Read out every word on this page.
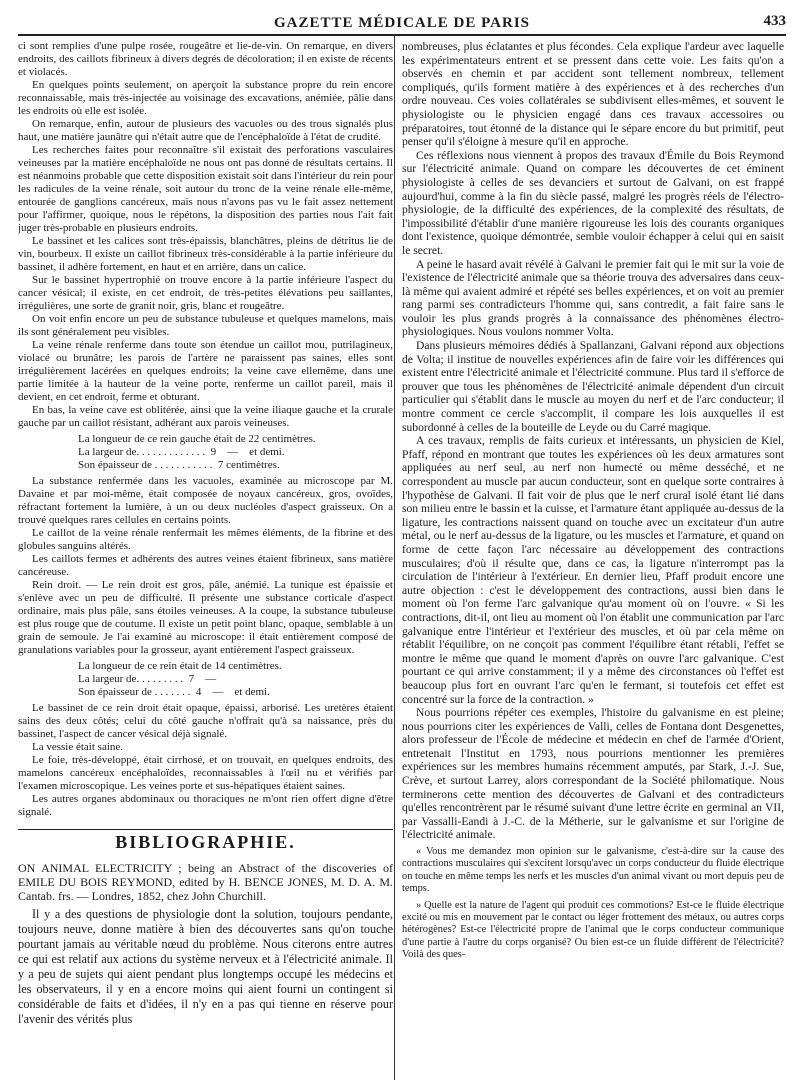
GAZETTE MÉDICALE DE PARIS	433

ci sont remplies d'une pulpe rosée, rougeâtre et lie-de-vin. On remarque, en divers endroits, des caillots fibrineux à divers degrés de décoloration; il en existe de récents et violacés.

En quelques points seulement, on aperçoit la substance propre du rein encore reconnaissable, mais très-injectée au voisinage des excavations, anémiée, pâlie dans les endroits où elle est isolée.

On remarque, enfin, autour de plusieurs des vacuoles ou des trous signalés plus haut, une matière jaunâtre qui n'était autre que de l'encéphaloïde à l'état de crudité.

Les recherches faites pour reconnaître s'il existait des perforations vasculaires veineuses par la matière encéphaloïde ne nous ont pas donné de résultats certains. Il est néanmoins probable que cette disposition existait soit dans l'intérieur du rein pour les radicules de la veine rénale, soit autour du tronc de la veine rénale elle-même, entourée de ganglions cancéreux, mais nous n'avons pas vu le fait assez nettement pour l'affirmer, quoique, nous le répétons, la disposition des parties nous l'ait fait juger très-probable en plusieurs endroits.

Le bassinet et les calices sont très-épaissis, blanchâtres, pleins de détritus lie de vin, bourbeux. Il existe un caillot fibrineux très-considérable à la partie inférieure du bassinet, il adhère fortement, en haut et en arrière, dans un calice.

Sur le bassinet hypertrophié on trouve encore à la partie inférieure l'aspect du cancer vésical; il existe, en cet endroit, de très-petites élévations peu saillantes, irrégulières, une sorte de granit noir, gris, blanc et rougeâtre.

On voit enfin encore un peu de substance tubuleuse et quelques mamelons, mais ils sont généralement peu visibles.

La veine rénale renferme dans toute son étendue un caillot mou, putrilagineux, violacé ou brunâtre; les parois de l'artère ne paraissent pas saines, elles sont irrégulièrement lacérées en quelques endroits; la veine cave ellemême, dans une partie limitée à la hauteur de la veine porte, renferme un caillot pareil, mais il devient, en cet endroit, ferme et obturant.

En bas, la veine cave est oblitérée, ainsi que la veine iliaque gauche et la crurale gauche par un caillot résistant, adhérant aux parois veineuses.

La longueur de ce rein gauche était de 22 centimètres.
La largeur de. . . . . . . . . . . . .  9    —    et demi.
Son épaisseur de . . . . . . . . . . .  7 centimètres.

La substance renfermée dans les vacuoles, examinée au microscope par M. Davaine et par moi-même, était composée de noyaux cancéreux, gros, ovoïdes, réfractant fortement la lumière, à un ou deux nucléoles d'aspect graisseux. On a trouvé quelques rares cellules en certains points.

Le caillot de la veine rénale renfermait les mêmes éléments, de la fibrine et des globules sanguins altérés.

Les caillots fermes et adhérents des autres veines étaient fibrineux, sans matière cancéreuse.

Rein droit. — Le rein droit est gros, pâle, anémié. La tunique est épaissie et s'enlève avec un peu de difficulté. Il présente une substance corticale d'aspect ordinaire, mais plus pâle, sans étoiles veineuses. A la coupe, la substance tubuleuse est plus rouge que de coutume. Il existe un petit point blanc, opaque, semblable à un grain de semoule. Je l'ai examiné au microscope: il était entièrement composé de granulations variables pour la grosseur, ayant entièrement l'aspect graisseux.

La longueur de ce rein était de 14 centimètres.
La largeur de. . . . . . . . .  7    —
Son épaisseur de . . . . . . .  4    —    et demi.

Le bassinet de ce rein droit était opaque, épaissi, arborisé. Les uretères étaient sains des deux côtés; celui du côté gauche n'offrait qu'à sa naissance, près du bassinet, l'aspect de cancer vésical déjà signalé.

La vessie était saine.

Le foie, très-développé, était cirrhosé, et on trouvait, en quelques endroits, des mamelons cancéreux encéphaloïdes, reconnaissables à l'œil nu et vérifiés par l'examen microscopique. Les veines porte et sus-hépatiques étaient saines.

Les autres organes abdominaux ou thoraciques ne m'ont rien offert digne d'être signalé.

BIBLIOGRAPHIE.

ON ANIMAL ELECTRICITY ; being an Abstract of the discoveries of EMILE DU BOIS REYMOND, edited by H. BENCE JONES, M. D. A. M. Cantab. frs. — Londres, 1852, chez John Churchill.

Il y a des questions de physiologie dont la solution, toujours pendante, toujours neuve, donne matière à bien des découvertes sans qu'on touche pourtant jamais au véritable nœud du problème. Nous citerons entre autres ce qui est relatif aux actions du système nerveux et à l'électricité animale. Il y a peu de sujets qui aient pendant plus longtemps occupé les médecins et les observateurs, il y en a encore moins qui aient fourni un contingent si considérable de faits et d'idées, il n'y en a pas qui tienne en réserve pour l'avenir des vérités plus

nombreuses, plus éclatantes et plus fécondes. Cela explique l'ardeur avec laquelle les expérimentateurs entrent et se pressent dans cette voie. Les faits qu'on a observés en chemin et par accident sont tellement nombreux, tellement compliqués, qu'ils forment matière à des expériences et à des recherches d'un ordre nouveau. Ces voies collatérales se subdivisent elles-mêmes, et souvent le physiologiste ou le physicien engagé dans ces travaux accessoires ou préparatoires, tout étonné de la distance qui le sépare encore du but primitif, peut penser qu'il s'éloigne à mesure qu'il en approche.

Ces réflexions nous viennent à propos des travaux d'Émile du Bois Reymond sur l'électricité animale. Quand on compare les découvertes de cet éminent physiologiste à celles de ses devanciers et surtout de Galvani, on est frappé aujourd'hui, comme à la fin du siècle passé, malgré les progrès réels de l'électro-physiologie, de la difficulté des expériences, de la complexité des résultats, de l'impossibilité d'établir d'une manière rigoureuse les lois des courants organiques dont l'existence, quoique démontrée, semble vouloir échapper à celui qui en saisit le secret.

A peine le hasard avait révélé à Galvani le premier fait qui le mit sur la voie de l'existence de l'électricité animale que sa théorie trouva des adversaires dans ceux-là même qui avaient admiré et répété ses belles expériences, et on voit au premier rang parmi ses contradicteurs l'homme qui, sans contredit, a fait faire sans le vouloir les plus grands progrès à la connaissance des phénomènes électro-physiologiques. Nous voulons nommer Volta.

Dans plusieurs mémoires dédiés à Spallanzani, Galvani répond aux objections de Volta; il institue de nouvelles expériences afin de faire voir les différences qui existent entre l'électricité animale et l'électricité commune. Plus tard il s'efforce de prouver que tous les phénomènes de l'électricité animale dépendent d'un circuit particulier qui s'établit dans le muscle au moyen du nerf et de l'arc conducteur; il montre comment ce cercle s'accomplit, il compare les lois auxquelles il est subordonné à celles de la bouteille de Leyde ou du Carré magique.

A ces travaux, remplis de faits curieux et intéressants, un physicien de Kiel, Pfaff, répond en montrant que toutes les expériences où les deux armatures sont appliquées au nerf seul, au nerf non humecté ou même desséché, et ne correspondent au muscle par aucun conducteur, sont en quelque sorte contraires à l'hypothèse de Galvani. Il fait voir de plus que le nerf crural isolé étant lié dans son milieu entre le bassin et la cuisse, et l'armature étant appliquée au-dessus de la ligature, les contractions naissent quand on touche avec un excitateur d'un autre métal, ou le nerf au-dessus de la ligature, ou les muscles et l'armature, et quand on forme de cette façon l'arc nécessaire au développement des contractions musculaires; d'où il résulte que, dans ce cas, la ligature n'interrompt pas la circulation de l'intérieur à l'extérieur. En dernier lieu, Pfaff produit encore une autre objection : c'est le développement des contractions, aussi bien dans le moment où l'on ferme l'arc galvanique qu'au moment où on l'ouvre. « Si les contractions, dit-il, ont lieu au moment où l'on établit une communication par l'arc galvanique entre l'intérieur et l'extérieur des muscles, et où par cela même on rétablit l'équilibre, on ne conçoit pas comment l'équilibre étant rétabli, l'effet se montre le même que quand le moment d'après on ouvre l'arc galvanique. C'est pourtant ce qui arrive constamment; il y a même des circonstances où l'effet est beaucoup plus fort en ouvrant l'arc qu'en le fermant, si toutefois cet effet est concentré sur la force de la contraction. »

Nous pourrions répéter ces exemples, l'histoire du galvanisme en est pleine; nous pourrions citer les expériences de Valli, celles de Fontana dont Desgenettes, alors professeur de l'École de médecine et médecin en chef de l'armée d'Orient, entretenait l'Institut en 1793, nous pourrions mentionner les premières expériences sur les membres humains récemment amputés, par Stark, J.-J. Sue, Crève, et surtout Larrey, alors correspondant de la Société philomatique. Nous terminerons cette mention des découvertes de Galvani et des contradicteurs qu'elles rencontrèrent par le résumé suivant d'une lettre écrite en germinal an VII, par Vassalli-Eandi à J.-C. de la Métherie, sur le galvanisme et sur l'origine de l'électricité animale.

« Vous me demandez mon opinion sur le galvanisme, c'est-à-dire sur la cause des contractions musculaires qui s'excitent lorsqu'avec un corps conducteur du fluide électrique on touche en même temps les nerfs et les muscles d'un animal vivant ou mort depuis peu de temps.

» Quelle est la nature de l'agent qui produit ces commotions? Est-ce le fluide électrique excité ou mis en mouvement par le contact ou léger frottement des métaux, ou autres corps hétérogènes? Est-ce l'électricité propre de l'animal que le corps conducteur communique d'une partie à l'autre du corps organisé? Ou bien est-ce un fluide différent de l'électricité? Voilà des ques-
